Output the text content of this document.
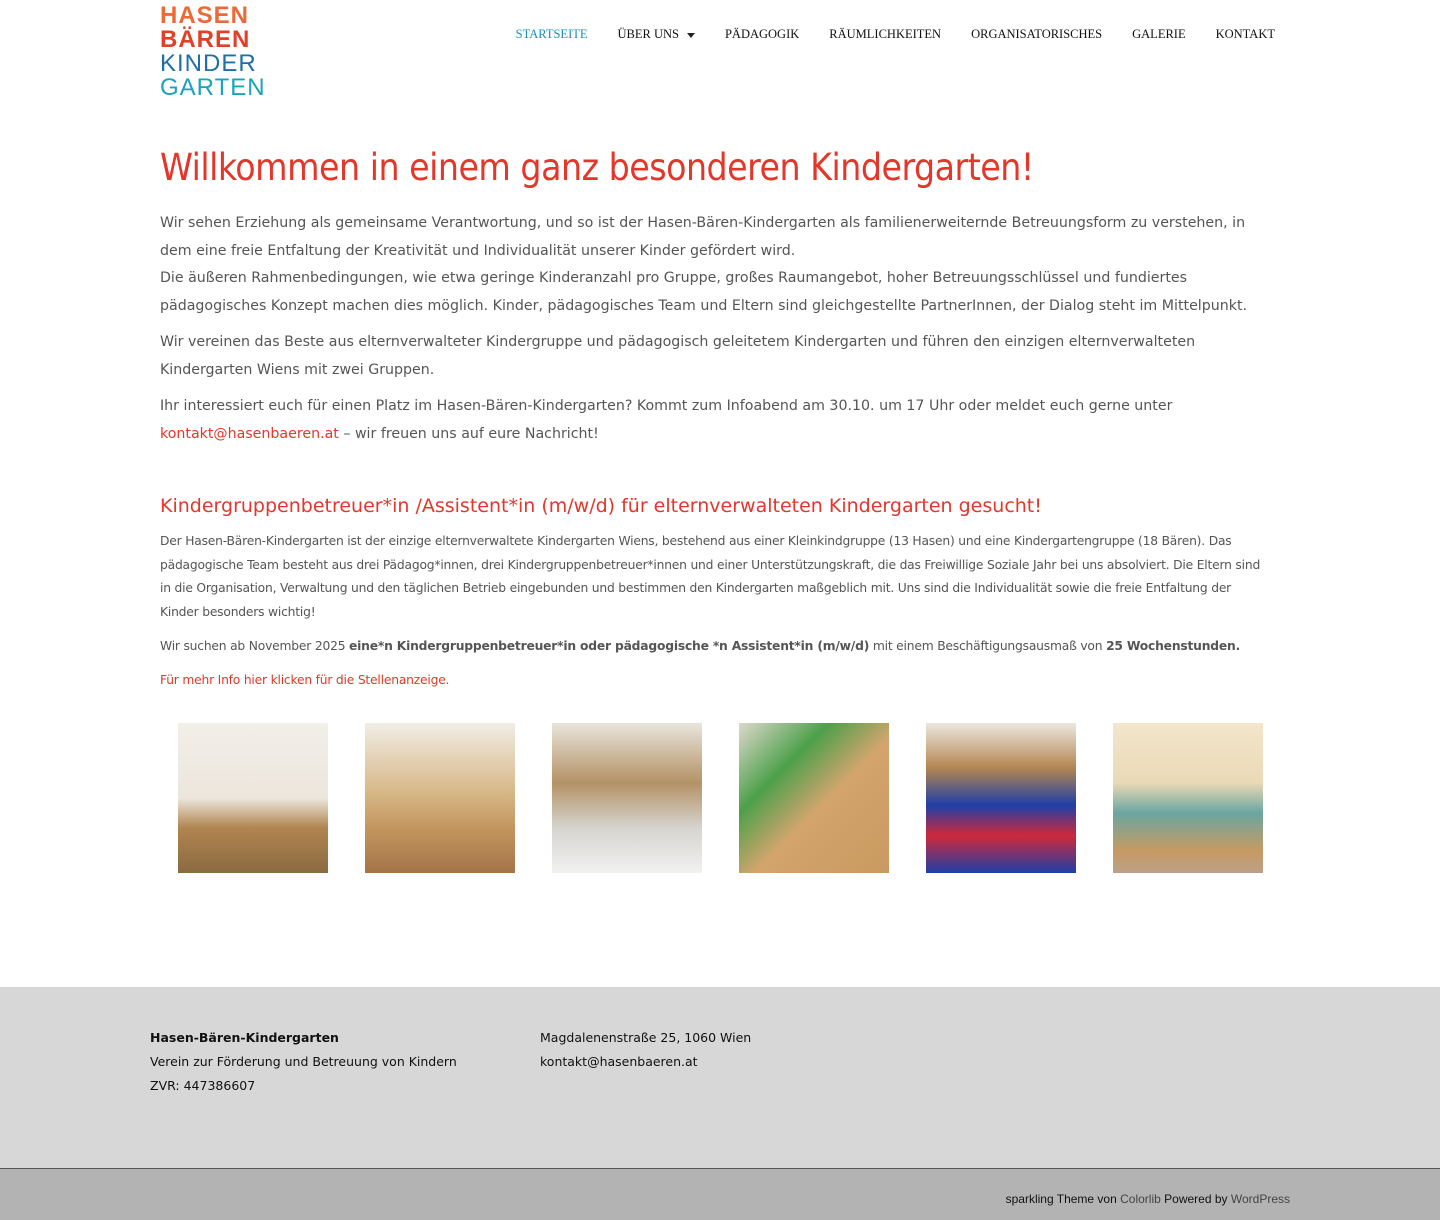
HASEN
BÄREN
KINDER
GARTEN
STARTSEITE ÜBER UNS	PÄDAGOGIK RÄUMLICHKEITEN ORGANISATORISCHES GALERIE KONTAKT
Willkommen in einem ganz besonderen Kindergarten!

Wir sehen Erziehung als gemeinsame Verantwortung, und so ist der Hasen-Bären-Kindergarten als familienerweiternde Betreuungsform zu verstehen, in dem eine freie Entfaltung der Kreativität und Individualität unserer Kinder gefördert wird.
Die äußeren Rahmenbedingungen, wie etwa geringe Kinderanzahl pro Gruppe, großes Raumangebot, hoher Betreuungsschlüssel und fundiertes pädagogisches Konzept machen dies möglich. Kinder, pädagogisches Team und Eltern sind gleichgestellte PartnerInnen, der Dialog steht im Mittelpunkt.

Wir vereinen das Beste aus elternverwalteter Kindergruppe und pädagogisch geleitetem Kindergarten und führen den einzigen elternverwalteten Kindergarten Wiens mit zwei Gruppen.

Ihr interessiert euch für einen Platz im Hasen-Bären-Kindergarten? Kommt zum Infoabend am 30.10. um 17 Uhr oder meldet euch gerne unter
kontakt@hasenbaeren.at – wir freuen uns auf eure Nachricht!

Kindergruppenbetreuer*in /Assistent*in (m/w/d) für elternverwalteten Kindergarten gesucht!

Der Hasen-Bären-Kindergarten ist der einzige elternverwaltete Kindergarten Wiens, bestehend aus einer Kleinkindgruppe (13 Hasen) und eine Kindergartengruppe (18 Bären). Das pädagogische Team besteht aus drei Pädagog*innen, drei Kindergruppenbetreuer*innen und einer Unterstützungskraft, die das Freiwillige Soziale Jahr bei uns absolviert. Die Eltern sind in die Organisation, Verwaltung und den täglichen Betrieb eingebunden und bestimmen den Kindergarten maßgeblich mit. Uns sind die Individualität sowie die freie Entfaltung der Kinder besonders wichtig!

Wir suchen ab November 2025 eine*n Kindergruppenbetreuer*in oder pädagogische *n Assistent*in (m/w/d) mit einem Beschäftigungsausmaß von 25 Wochenstunden.

Für mehr Info hier klicken für die Stellenanzeige.

Hasen-Bären-Kindergarten
Verein zur Förderung und Betreuung von Kindern
ZVR: 447386607
Magdalenenstraße 25, 1060 Wien
kontakt@hasenbaeren.at
sparkling Theme von Colorlib Powered by WordPress
